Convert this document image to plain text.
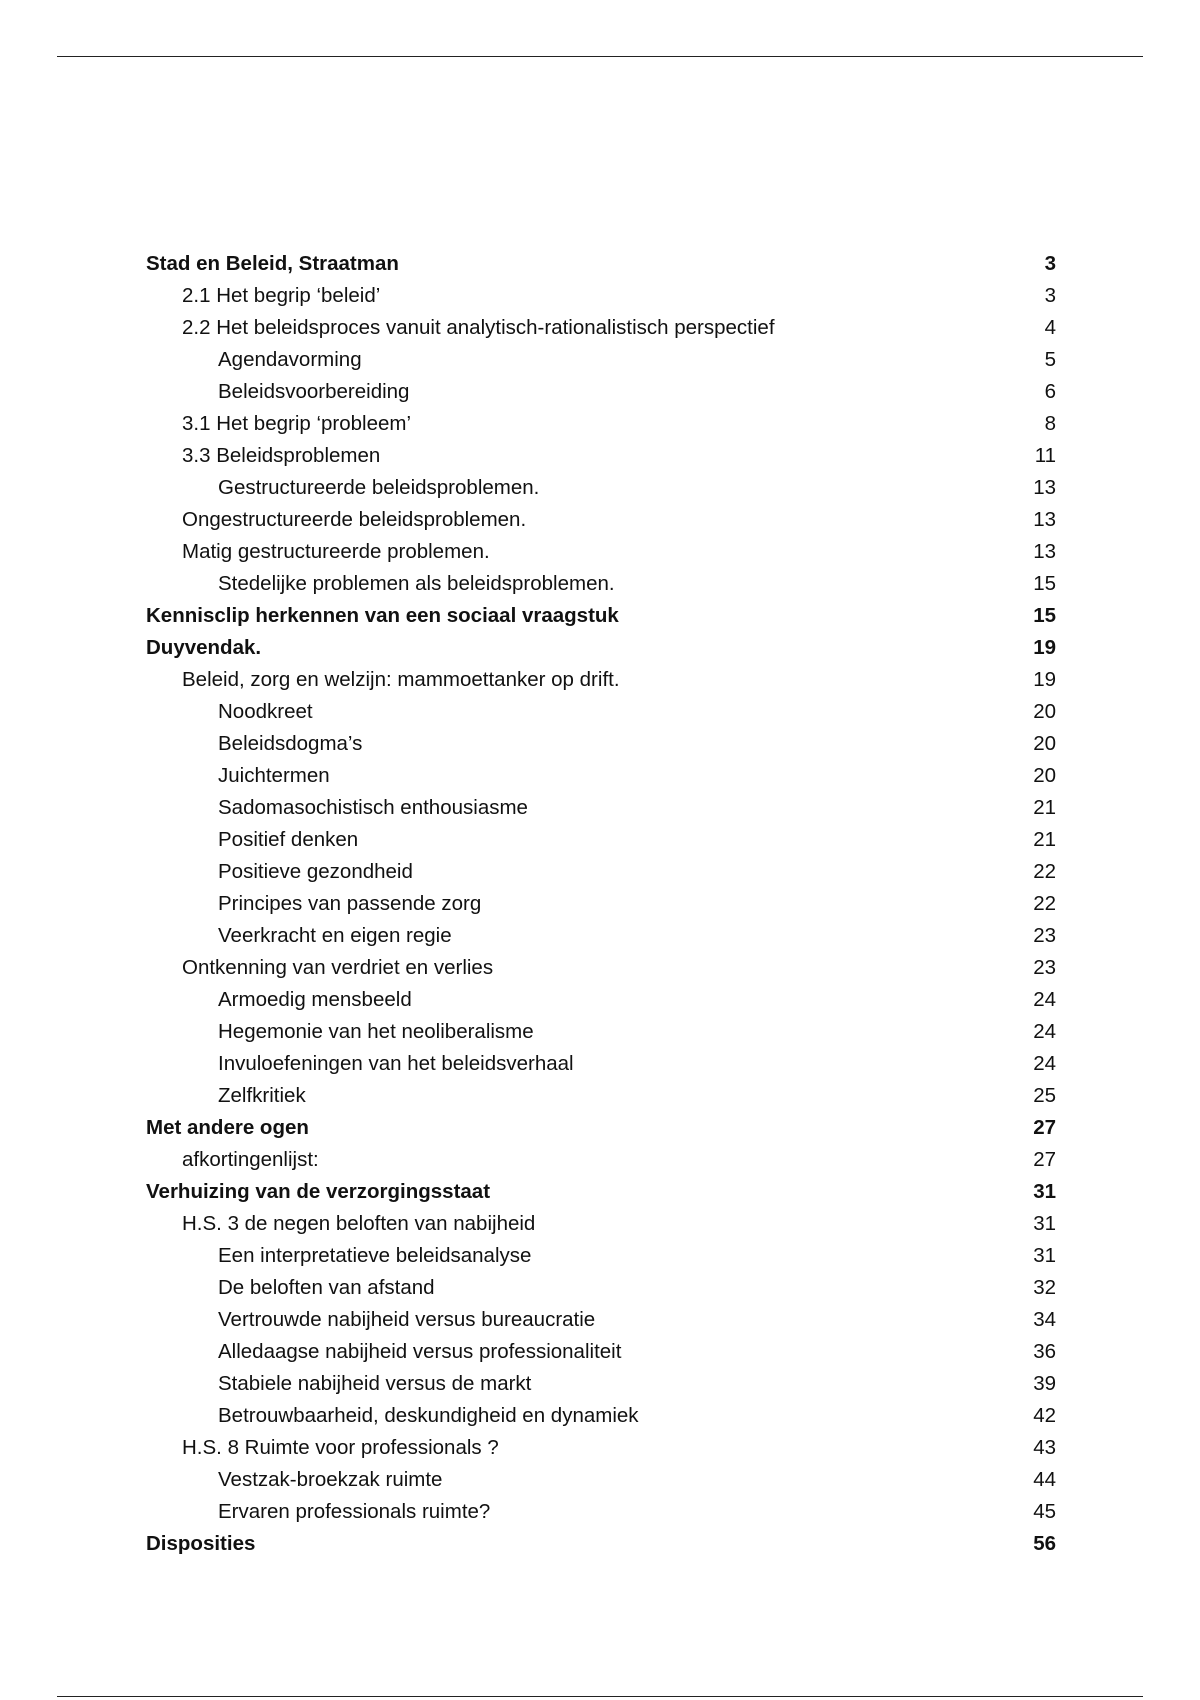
Stad en Beleid, Straatman	3
2.1 Het begrip ‘beleid’	3
2.2 Het beleidsproces vanuit analytisch-rationalistisch perspectief	4
Agendavorming	5
Beleidsvoorbereiding	6
3.1 Het begrip ‘probleem’	8
3.3 Beleidsproblemen	11
Gestructureerde beleidsproblemen.	13
Ongestructureerde beleidsproblemen.	13
Matig gestructureerde problemen.	13
Stedelijke problemen als beleidsproblemen.	15
Kennisclip herkennen van een sociaal vraagstuk	15
Duyvendak.	19
Beleid, zorg en welzijn: mammoettanker op drift.	19
Noodkreet	20
Beleidsdogma’s	20
Juichtermen	20
Sadomasochistisch enthousiasme	21
Positief denken	21
Positieve gezondheid	22
Principes van passende zorg	22
Veerkracht en eigen regie	23
Ontkenning van verdriet en verlies	23
Armoedig mensbeeld	24
Hegemonie van het neoliberalisme	24
Invuloefeningen van het beleidsverhaal	24
Zelfkritiek	25
Met andere ogen	27
afkortingenlijst:	27
Verhuizing van de verzorgingsstaat	31
H.S. 3 de negen beloften van nabijheid	31
Een interpretatieve beleidsanalyse	31
De beloften van afstand	32
Vertrouwde nabijheid versus bureaucratie	34
Alledaagse nabijheid versus professionaliteit	36
Stabiele nabijheid versus de markt	39
Betrouwbaarheid, deskundigheid en dynamiek	42
H.S. 8 Ruimte voor professionals ?	43
Vestzak-broekzak ruimte	44
Ervaren professionals ruimte?	45
Disposities	56
